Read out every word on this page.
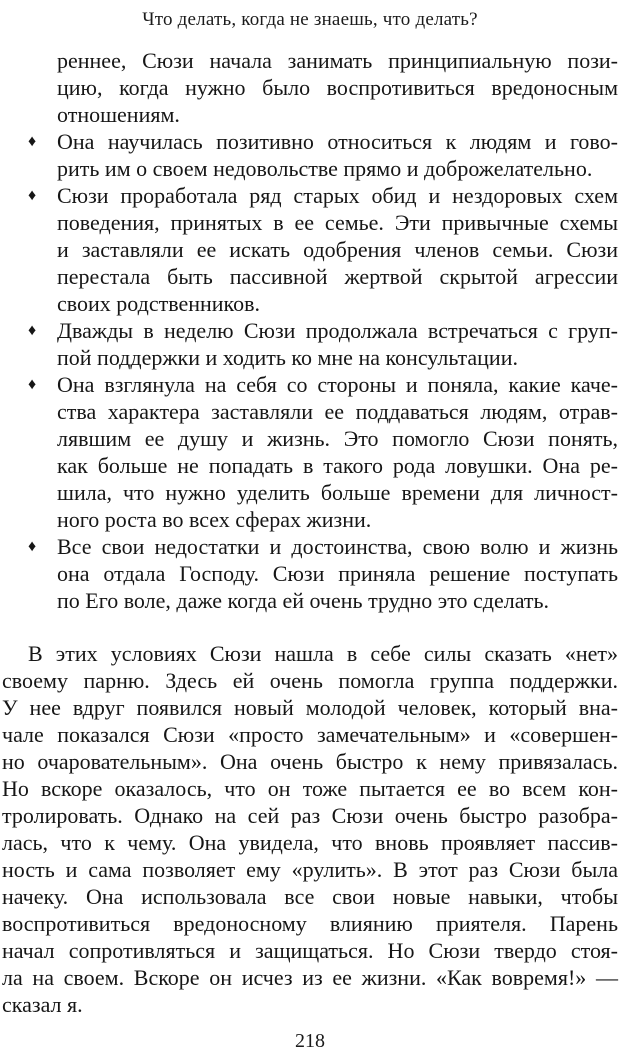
Что делать, когда не знаешь, что делать?
реннее, Сюзи начала занимать принципиальную пози-
цию, когда нужно было воспротивиться вредоносным
отношениям.
♦ Она научилась позитивно относиться к людям и гово-
рить им о своем недовольстве прямо и доброжелательно.
♦ Сюзи проработала ряд старых обид и нездоровых схем
поведения, принятых в ее семье. Эти привычные схемы
и заставляли ее искать одобрения членов семьи. Сюзи
перестала быть пассивной жертвой скрытой агрессии
своих родственников.
♦ Дважды в неделю Сюзи продолжала встречаться с груп-
пой поддержки и ходить ко мне на консультации.
♦ Она взглянула на себя со стороны и поняла, какие каче-
ства характера заставляли ее поддаваться людям, отрав-
лявшим ее душу и жизнь. Это помогло Сюзи понять,
как больше не попадать в такого рода ловушки. Она ре-
шила, что нужно уделить больше времени для личност-
ного роста во всех сферах жизни.
♦ Все свои недостатки и достоинства, свою волю и жизнь
она отдала Господу. Сюзи приняла решение поступать
по Его воле, даже когда ей очень трудно это сделать.
В этих условиях Сюзи нашла в себе силы сказать «нет»
своему парню. Здесь ей очень помогла группа поддержки.
У нее вдруг появился новый молодой человек, который вна-
чале показался Сюзи «просто замечательным» и «совершен-
но очаровательным». Она очень быстро к нему привязалась.
Но вскоре оказалось, что он тоже пытается ее во всем кон-
тролировать. Однако на сей раз Сюзи очень быстро разобра-
лась, что к чему. Она увидела, что вновь проявляет пассив-
ность и сама позволяет ему «рулить». В этот раз Сюзи была
начеку. Она использовала все свои новые навыки, чтобы
воспротивиться вредоносному влиянию приятеля. Парень
начал сопротивляться и защищаться. Но Сюзи твердо стоя-
ла на своем. Вскоре он исчез из ее жизни. «Как вовремя!» —
сказал я.
218
